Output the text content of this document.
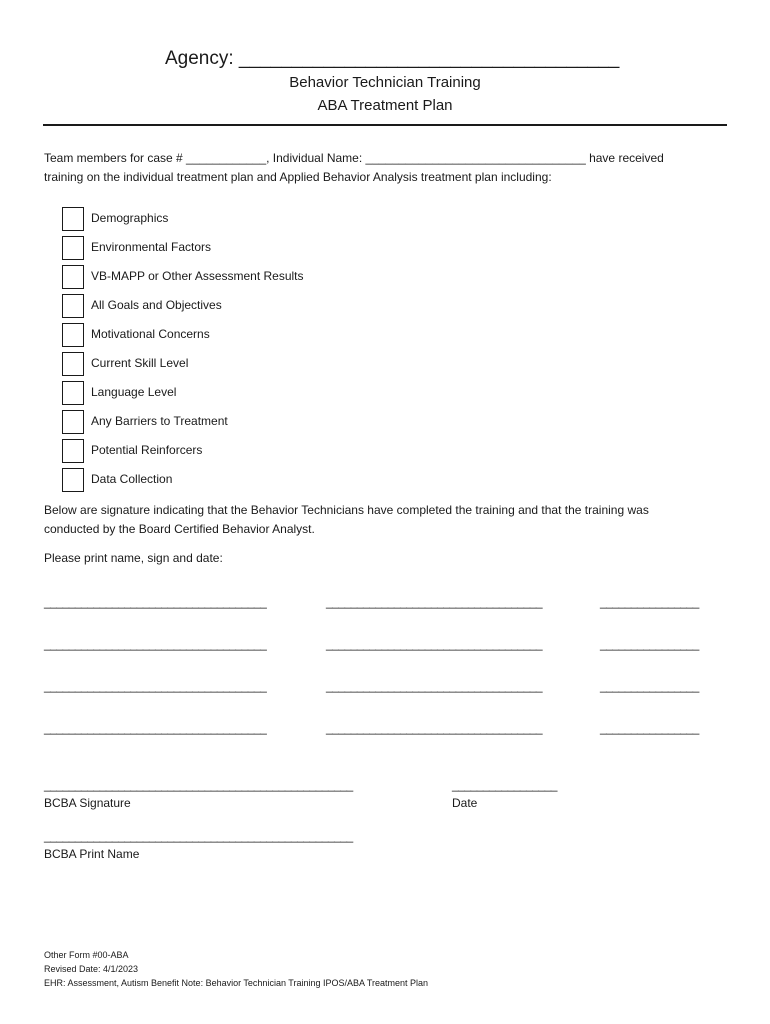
Agency: ____________________________________
Behavior Technician Training
ABA Treatment Plan
Team members for case # ____________, Individual Name: _________________________________ have received
training on the individual treatment plan and Applied Behavior Analysis treatment plan including:
Demographics
Environmental Factors
VB-MAPP or Other Assessment Results
All Goals and Objectives
Motivational Concerns
Current Skill Level
Language Level
Any Barriers to Treatment
Potential Reinforcers
Data Collection
Below are signature indicating that the Behavior Technicians have completed the training and that the training was
conducted by the Board Certified Behavior Analyst.
Please print name, sign and date:
____________________________________	___________________________________	________________
____________________________________	___________________________________	________________
____________________________________	___________________________________	________________
____________________________________	___________________________________	________________
__________________________________________________
BCBA Signature
_________________
Date
__________________________________________________
BCBA Print Name
Other Form #00-ABA
Revised Date: 4/1/2023
EHR: Assessment, Autism Benefit Note: Behavior Technician Training IPOS/ABA Treatment Plan
